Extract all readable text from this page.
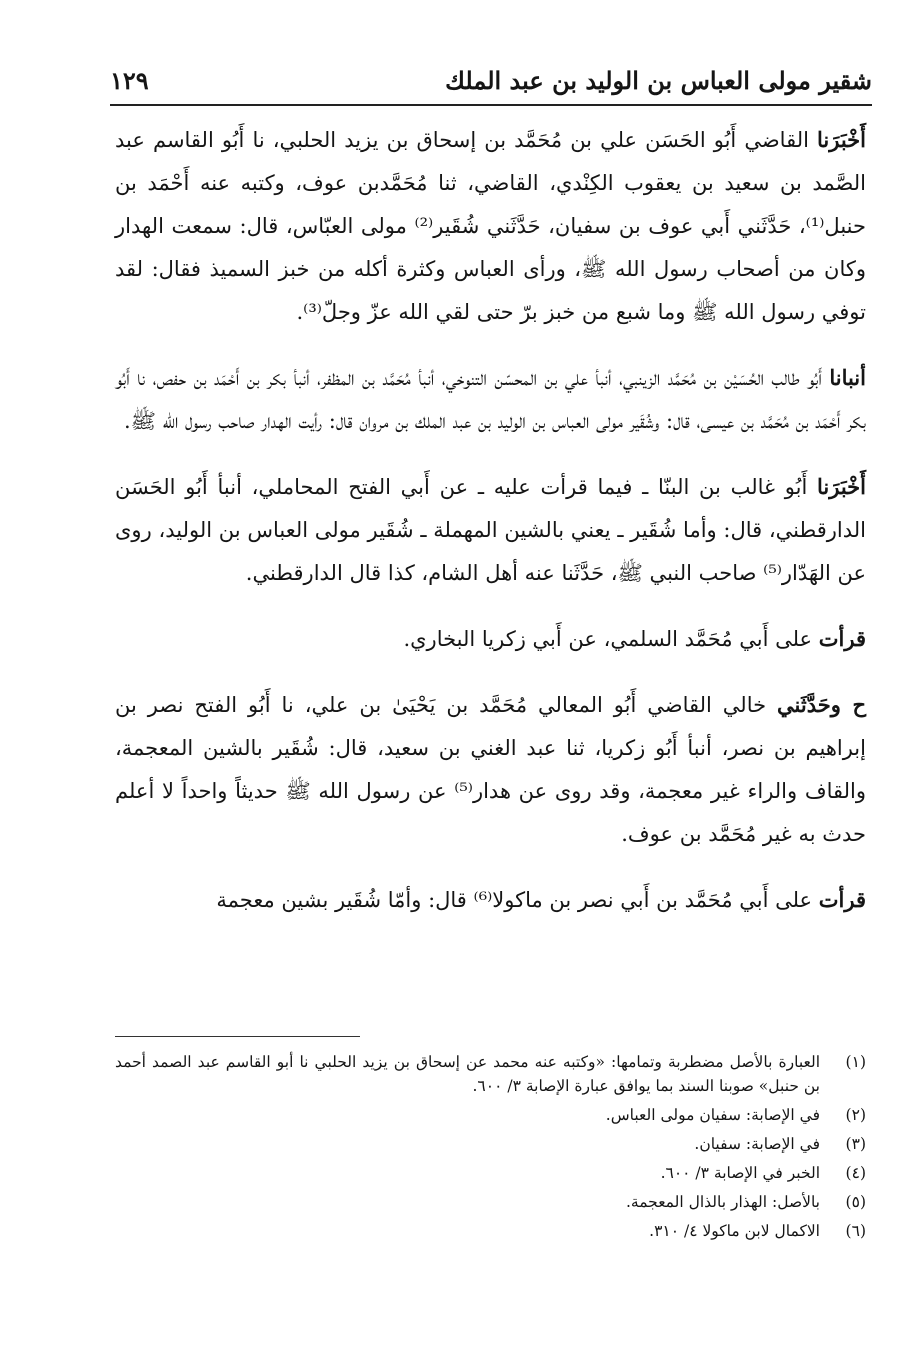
شقير مولى العباس بن الوليد بن عبد الملك
١٢٩

أَخْبَرَنا القاضي أَبُو الحَسَن علي بن مُحَمَّد بن إسحاق بن يزيد الحلبي، نا أَبُو القاسم عبد الصَّمد بن سعيد بن يعقوب الكِنْدي، القاضي، ثنا مُحَمَّدبن عوف، وكتبه عنه أَحْمَد بن حنبل⁽¹⁾، حَدَّثَني أَبي عوف بن سفيان، حَدَّثَني شُقَير⁽²⁾ مولى العبّاس، قال: سمعت الهدار وكان من أصحاب رسول الله ﷺ، ورأى العباس وكثرة أكله من خبز السميذ فقال: لقد توفي رسول الله ﷺ وما شبع من خبز برّ حتى لقي الله عزّ وجلّ⁽³⁾.

أنبانا أَبُو طالب الحُسَيْن بن مُحَمَّد الزينبي، أنبأ علي بن المحسّن التنوخي، أنبأ مُحَمَّد بن المظفر، أنبأ بكر بن أَحْمَد بن حفص، نا أَبُو بكر أَحْمَد بن مُحَمَّد بن عيسى، قال: وشُقَير مولى العباس بن الوليد بن عبد الملك بن مروان قال: رأيت الهدار صاحب رسول الله ﷺ.

أَخْبَرَنا أَبُو غالب بن البنّا ـ فيما قرأت عليه ـ عن أَبي الفتح المحاملي، أنبأ أَبُو الحَسَن الدارقطني، قال: وأما شُقَير ـ يعني بالشين المهملة ـ شُقَير مولى العباس بن الوليد، روى عن الهَدّار⁽⁵⁾ صاحب النبي ﷺ، حَدَّثَنا عنه أهل الشام، كذا قال الدارقطني.

قرأت على أَبي مُحَمَّد السلمي، عن أَبي زكريا البخاري.

ح وحَدَّثَني خالي القاضي أَبُو المعالي مُحَمَّد بن يَحْيَىٰ بن علي، نا أَبُو الفتح نصر بن إبراهيم بن نصر، أنبأ أَبُو زكريا، ثنا عبد الغني بن سعيد، قال: شُقَير بالشين المعجمة، والقاف والراء غير معجمة، وقد روى عن هدار⁽⁵⁾ عن رسول الله ﷺ حديثاً واحداً لا أعلم حدث به غير مُحَمَّد بن عوف.

قرأت على أَبي مُحَمَّد بن أَبي نصر بن ماكولا⁽⁶⁾ قال: وأمّا شُقَير بشين معجمة

(١)
العبارة بالأصل مضطربة وتمامها: «وكتبه عنه محمد عن إسحاق بن يزيد الحلبي نا أبو القاسم عبد الصمد أحمد بن حنبل» صوبنا السند بما يوافق عبارة الإصابة ٣/ ٦٠٠.
(٢)
في الإصابة: سفيان مولى العباس.
(٣)
في الإصابة: سفيان.
(٤)
الخبر في الإصابة ٣/ ٦٠٠.
(٥)
بالأصل: الهذار بالذال المعجمة.
(٦)
الاكمال لابن ماكولا ٤/ ٣١٠.
